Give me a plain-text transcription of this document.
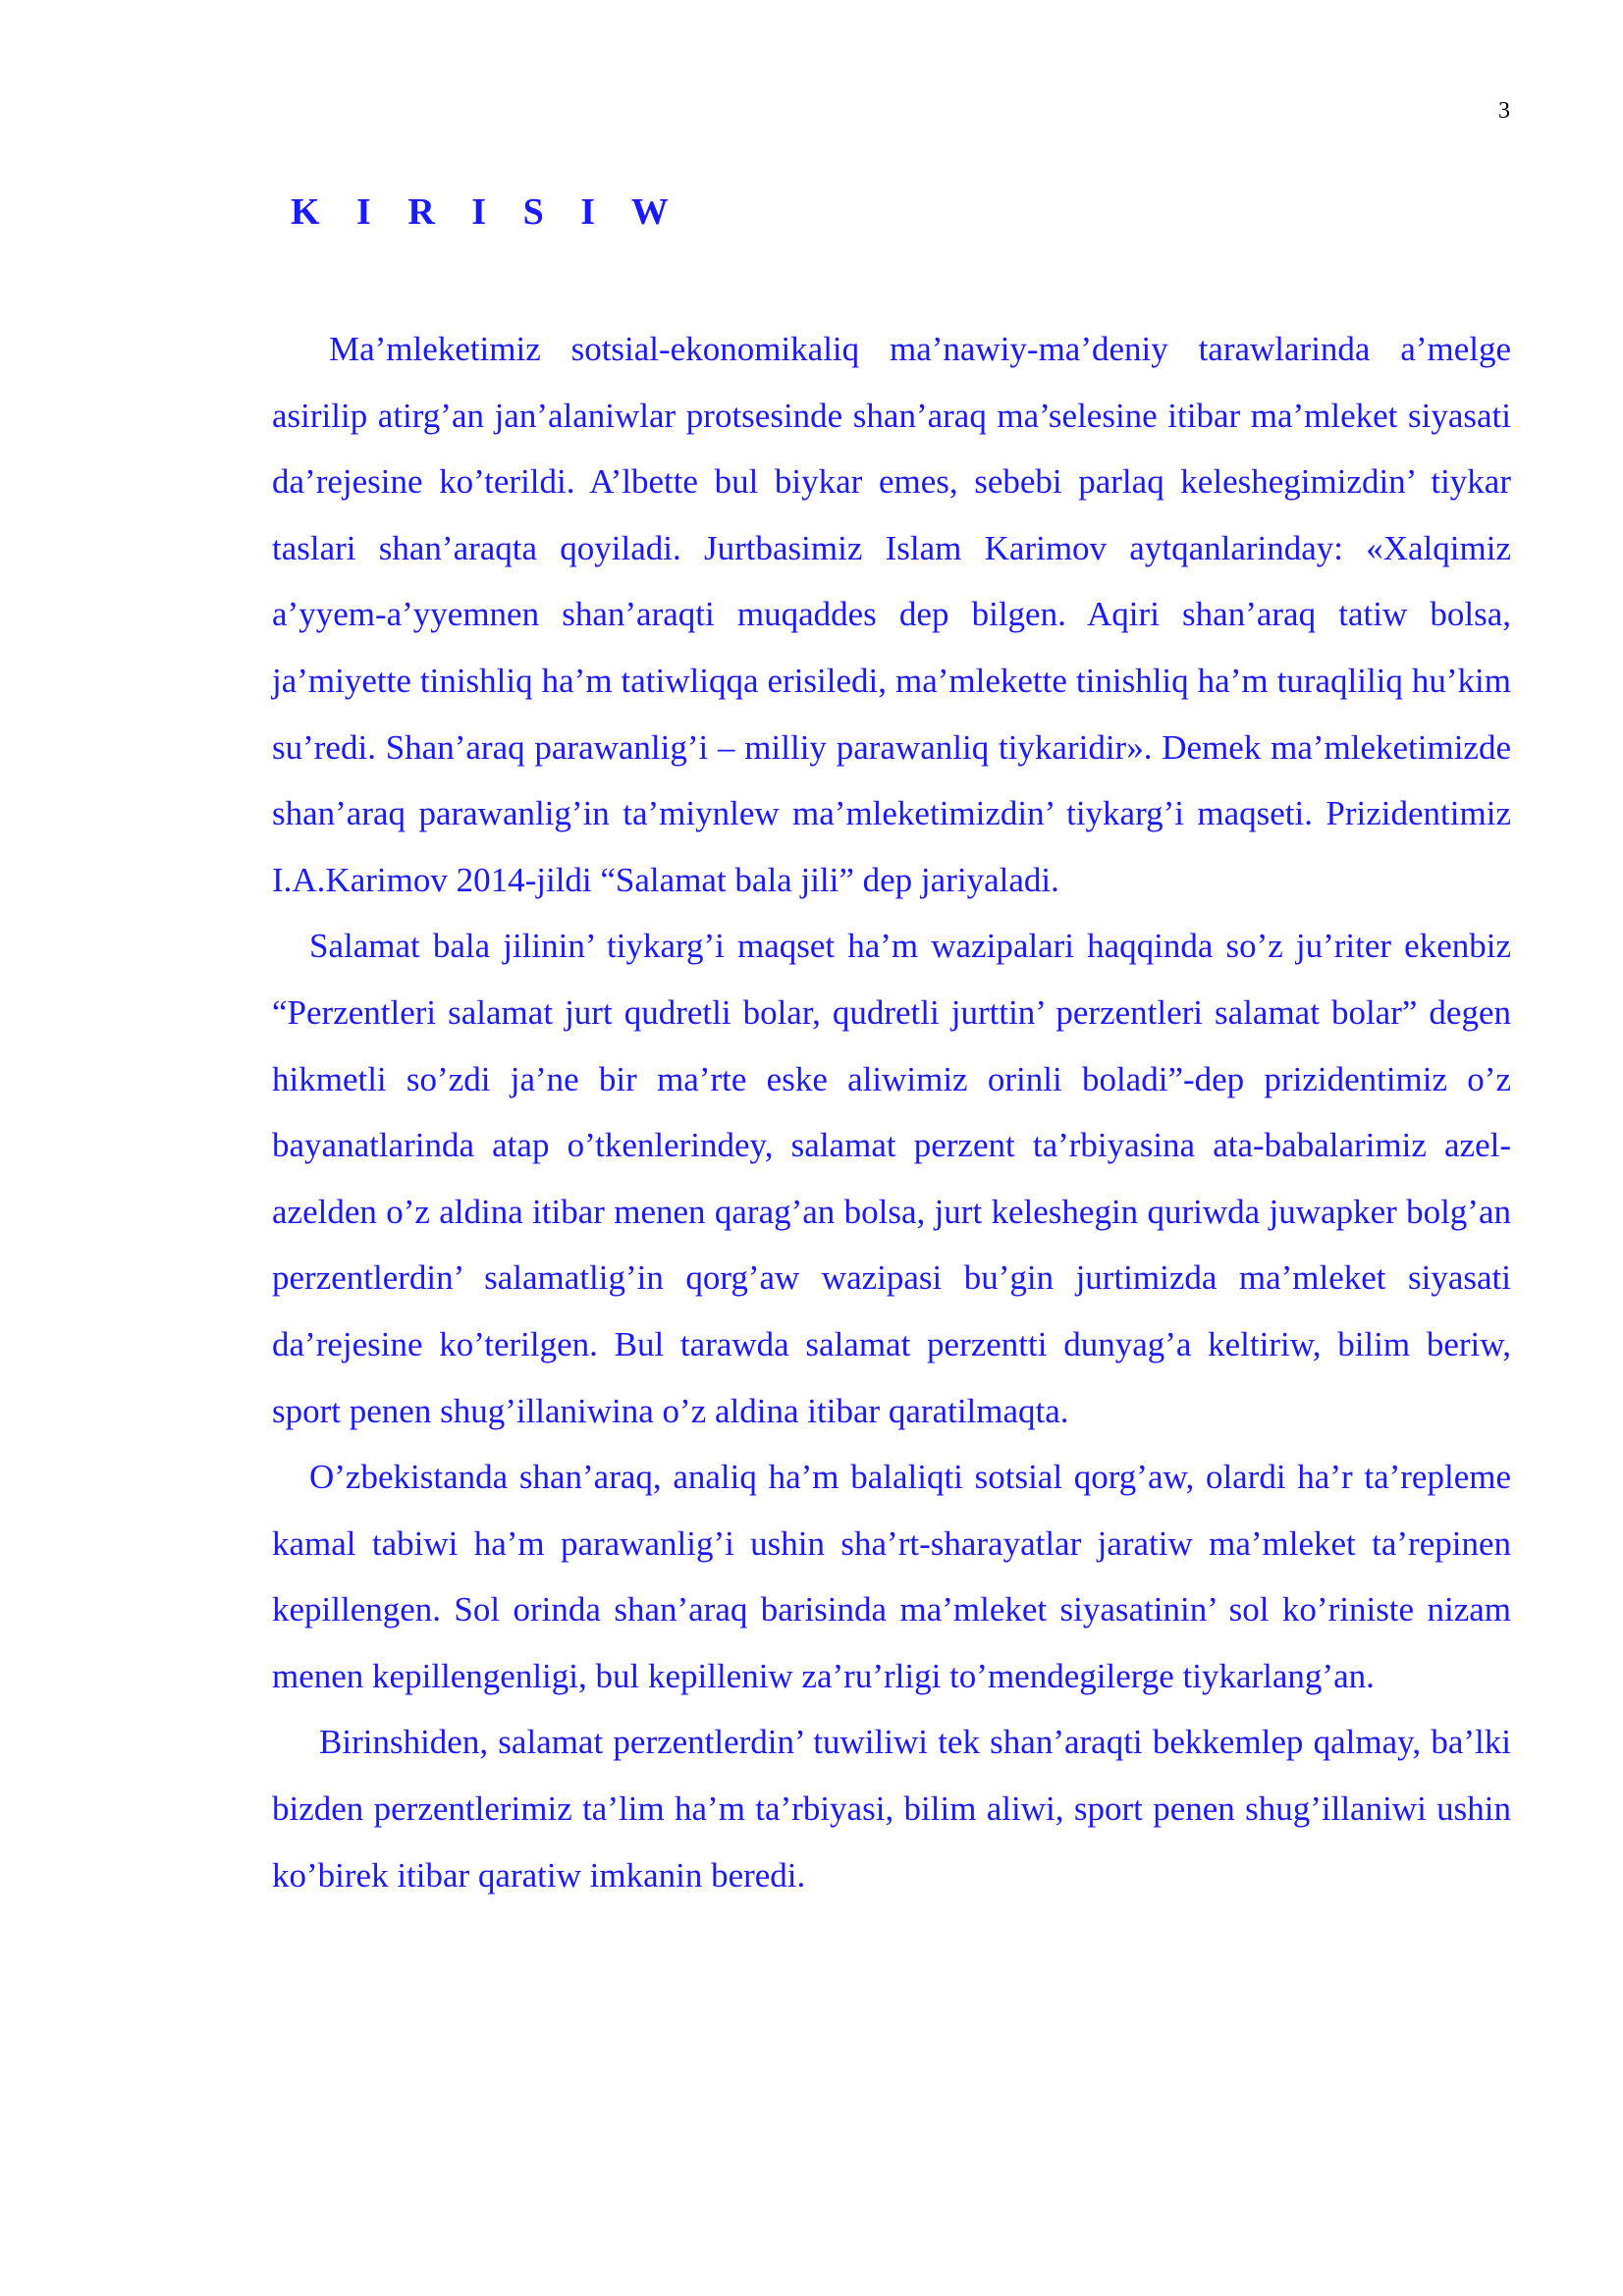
3
K I R I S I W

Ma’mleketimiz sotsial-ekonomikaliq ma’nawiy-ma’deniy tarawlarinda a’melge asirilip atirg’an jan’alaniwlar protsesinde shan’araq ma’selesine itibar ma’mleket siyasati da’rejesine ko’terildi. A’lbette bul biykar emes, sebebi parlaq keleshegimizdin’ tiykar taslari shan’araqta qoyiladi. Jurtbasimiz Islam Karimov aytqanlarinday: «Xalqimiz a’yyem-a’yyemnen shan’araqti muqaddes dep bilgen. Aqiri shan’araq tatiw bolsa, ja’miyette tinishliq ha’m tatiwliqqa erisiledi, ma’mlekette tinishliq ha’m turaqliliq hu’kim su’redi. Shan’araq parawanlig’i – milliy parawanliq tiykaridir». Demek ma’mleketimizde shan’araq parawanlig’in ta’miynlew ma’mleketimizdin’ tiykarg’i maqseti. Prizidentimiz I.A.Karimov 2014-jildi “Salamat bala jili” dep jariyaladi.

Salamat bala jilinin’ tiykarg’i maqset ha’m wazipalari haqqinda so’z ju’riter ekenbiz “Perzentleri salamat jurt qudretli bolar, qudretli jurttin’ perzentleri salamat bolar” degen hikmetli so’zdi ja’ne bir ma’rte eske aliwimiz orinli boladi”-dep prizidentimiz o’z bayanatlarinda atap o’tkenlerindey, salamat perzent ta’rbiyasina ata-babalarimiz azel-azelden o’z aldina itibar menen qarag’an bolsa, jurt keleshegin quriwda juwapker bolg’an perzentlerdin’ salamatlig’in qorg’aw wazipasi bu’gin jurtimizda ma’mleket siyasati da’rejesine ko’terilgen. Bul tarawda salamat perzentti dunyag’a keltiriw, bilim beriw, sport penen shug’illaniwina o’z aldina itibar qaratilmaqta.

O’zbekistanda shan’araq, analiq ha’m balaliqti sotsial qorg’aw, olardi ha’r ta’repleme kamal tabiwi ha’m parawanlig’i ushin sha’rt-sharayatlar jaratiw ma’mleket ta’repinen kepillengen. Sol orinda shan’araq barisinda ma’mleket siyasatinin’ sol ko’riniste nizam menen kepillengenligi, bul kepilleniw za’ru’rligi to’mendegilerge tiykarlang’an.

Birinshiden, salamat perzentlerdin’ tuwiliwi tek shan’araqti bekkemlep qalmay, ba’lki bizden perzentlerimiz ta’lim ha’m ta’rbiyasi, bilim aliwi, sport penen shug’illaniwi ushin ko’birek itibar qaratiw imkanin beredi.
